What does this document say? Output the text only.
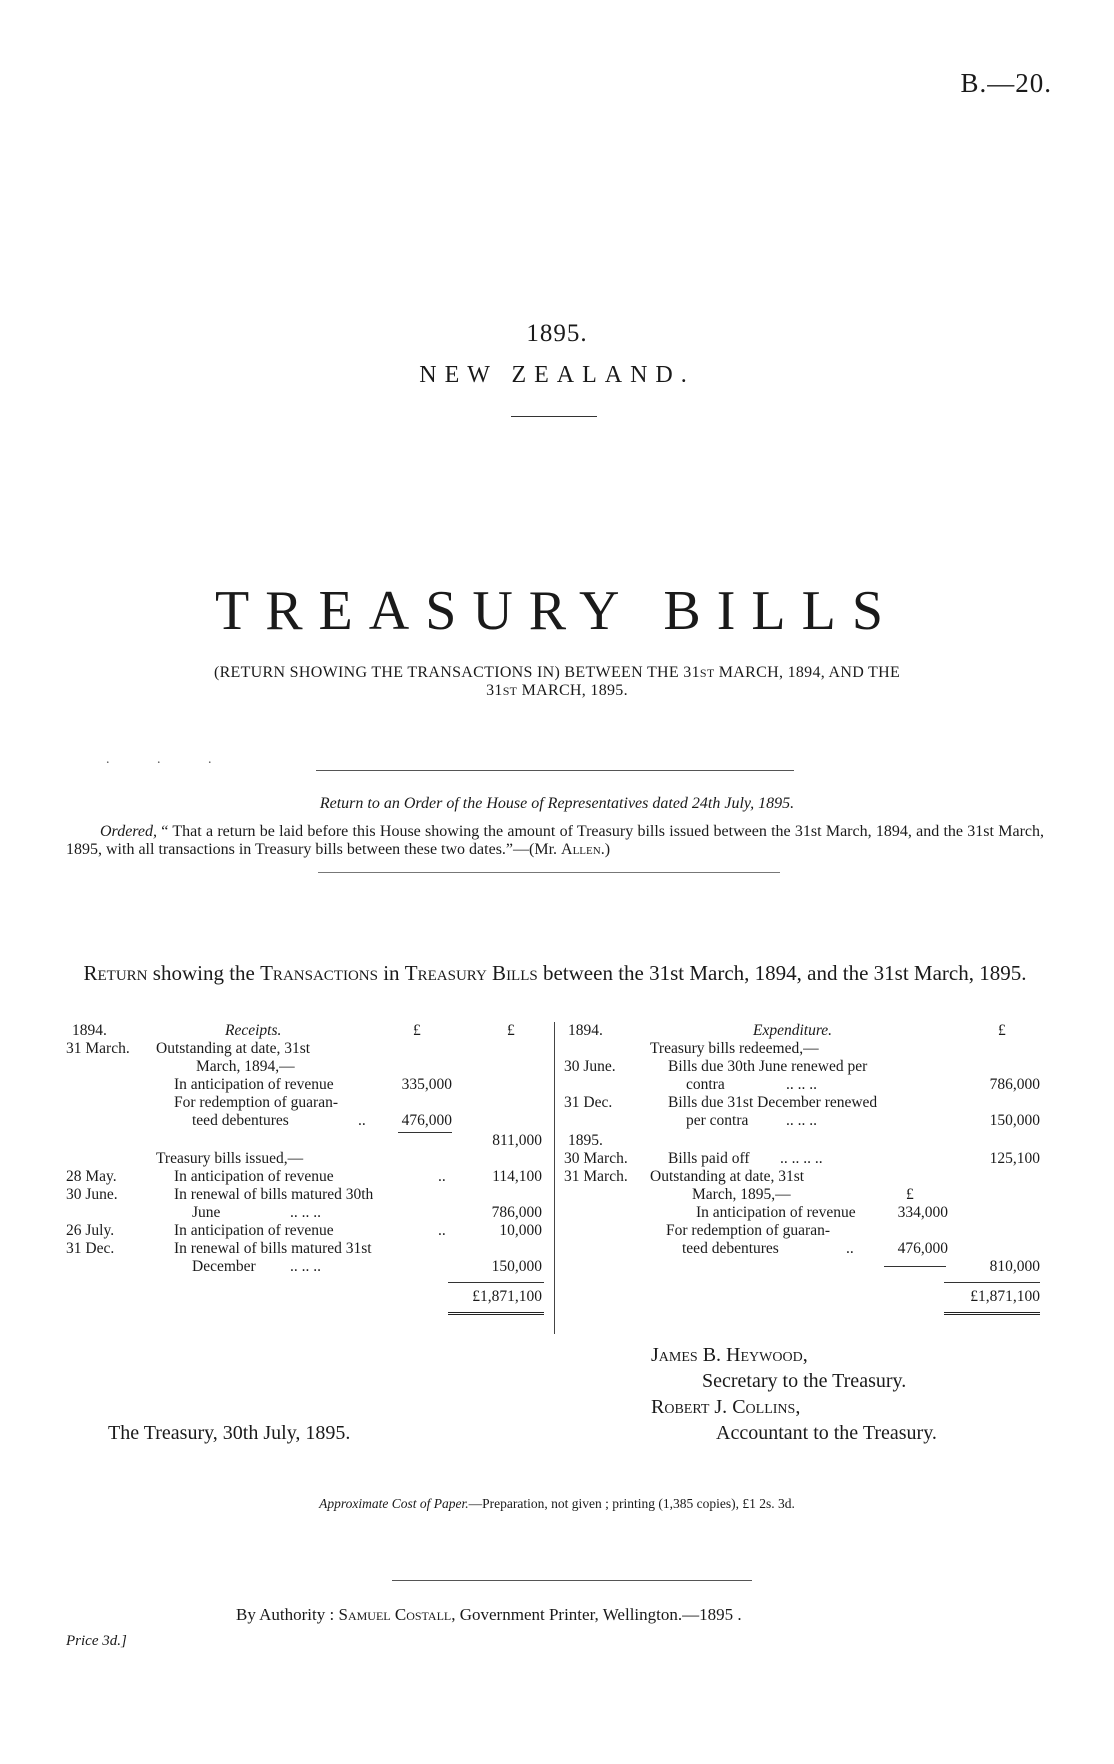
B.—20.
1895.
NEW ZEALAND.
TREASURY BILLS
(RETURN SHOWING THE TRANSACTIONS IN) BETWEEN THE 31ST MARCH, 1894, AND THE
31ST MARCH, 1895.
. . .
Return to an Order of the House of Representatives dated 24th July, 1895.
Ordered, “ That a return be laid before this House showing the amount of Treasury bills issued between the 31st March, 1894, and the 31st March, 1895, with all transactions in Treasury bills between these two dates.”—(Mr. Allen.)
Return showing the Transactions in Treasury Bills between the 31st March, 1894, and the 31st March, 1895.
1894.	Receipts.	£	£
31 March. Outstanding at date, 31st
March, 1894,—
In anticipation of revenue	335,000
For redemption of guaran-
teed debentures	..	476,000
811,000
Treasury bills issued,—
28 May.	In anticipation of revenue	..	114,100
30 June.	In renewal of bills matured 30th
June	.. .. ..	786,000
26 July.	In anticipation of revenue	..	10,000
31 Dec.	In renewal of bills matured 31st
December .. .. ..	150,000
£1,871,100
1894.	Expenditure.	£
Treasury bills redeemed,—
30 June.	Bills due 30th June renewed per
contra	.. .. ..	786,000
31 Dec.	Bills due 31st December renewed
per contra .. .. ..	150,000
1895.
30 March.	Bills paid off .. .. .. ..	125,100
31 March. Outstanding at date, 31st
March, 1895,—	£
In anticipation of revenue	334,000
For redemption of guaran-
teed debentures	..	476,000
810,000
£1,871,100
James B. Heywood,
Secretary to the Treasury.
Robert J. Collins,
Accountant to the Treasury.
The Treasury, 30th July, 1895.
Approximate Cost of Paper.—Preparation, not given ; printing (1,385 copies), £1 2s. 3d.
By Authority : Samuel Costall, Government Printer, Wellington.—1895 .
Price 3d.]
